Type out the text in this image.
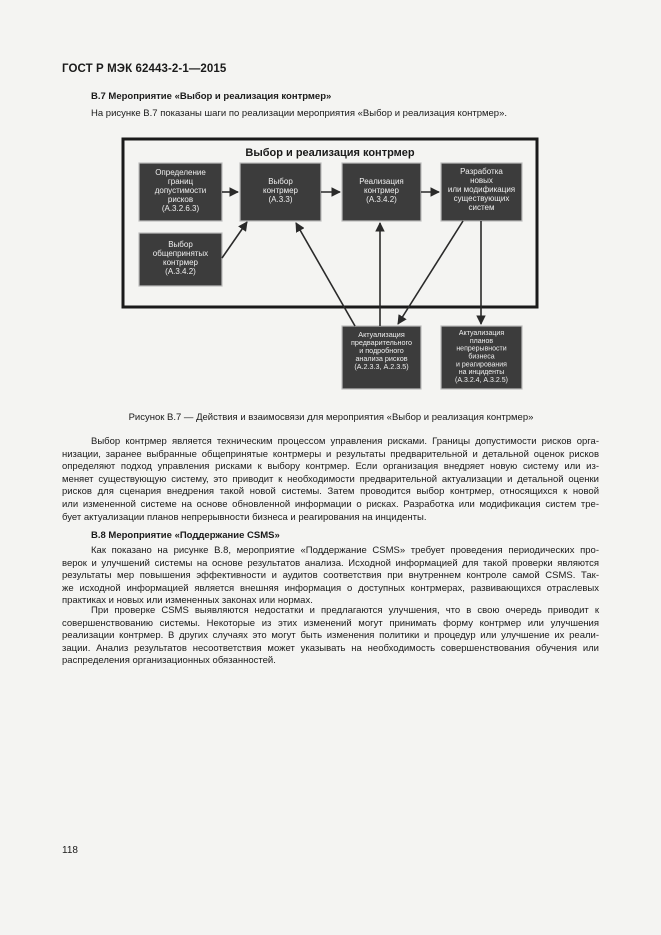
ГОСТ Р МЭК 62443-2-1—2015
В.7 Мероприятие «Выбор и реализация контрмер»
На рисунке В.7 показаны шаги по реализации мероприятия «Выбор и реализация контрмер».
Выбор и реализация контрмер
Определение границ допустимости рисков (А.3.2.6.3)
Выбор общепринятых контрмер (А.3.4.2)
Выбор контрмер (А.3.3)
Реализация контрмер (А.3.4.2)
Разработка новых или модификация существующих систем
Актуализация предварительного и подробного анализа рисков (А.2.3.3, А.2.3.5)
Актуализация планов непрерывности бизнеса и реагирования на инциденты (А.3.2.4, А.3.2.5)
Рисунок В.7 — Действия и взаимосвязи для мероприятия «Выбор и реализация контрмер»
Выбор контрмер является техническим процессом управления рисками. Границы допустимости рисков орга-
низации, заранее выбранные общепринятые контрмеры и результаты предварительной и детальной оценок рисков
определяют подход управления рисками к выбору контрмер. Если организация внедряет новую систему или из-
меняет существующую систему, это приводит к необходимости предварительной актуализации и детальной оценки
рисков для сценария внедрения такой новой системы. Затем проводится выбор контрмер, относящихся к новой
или измененной системе на основе обновленной информации о рисках. Разработка или модификация систем тре-
бует актуализации планов непрерывности бизнеса и реагирования на инциденты.
В.8 Мероприятие «Поддержание CSMS»
Как показано на рисунке В.8, мероприятие «Поддержание CSMS» требует проведения периодических про-
верок и улучшений системы на основе результатов анализа. Исходной информацией для такой проверки являются
результаты мер повышения эффективности и аудитов соответствия при внутреннем контроле самой CSMS. Так-
же исходной информацией является внешняя информация о доступных контрмерах, развивающихся отраслевых
практиках и новых или измененных законах или нормах.
При проверке CSMS выявляются недостатки и предлагаются улучшения, что в свою очередь приводит к
совершенствованию системы. Некоторые из этих изменений могут принимать форму контрмер или улучшения
реализации контрмер. В других случаях это могут быть изменения политики и процедур или улучшение их реали-
зации. Анализ результатов несоответствия может указывать на необходимость совершенствования обучения или
распределения организационных обязанностей.
118
